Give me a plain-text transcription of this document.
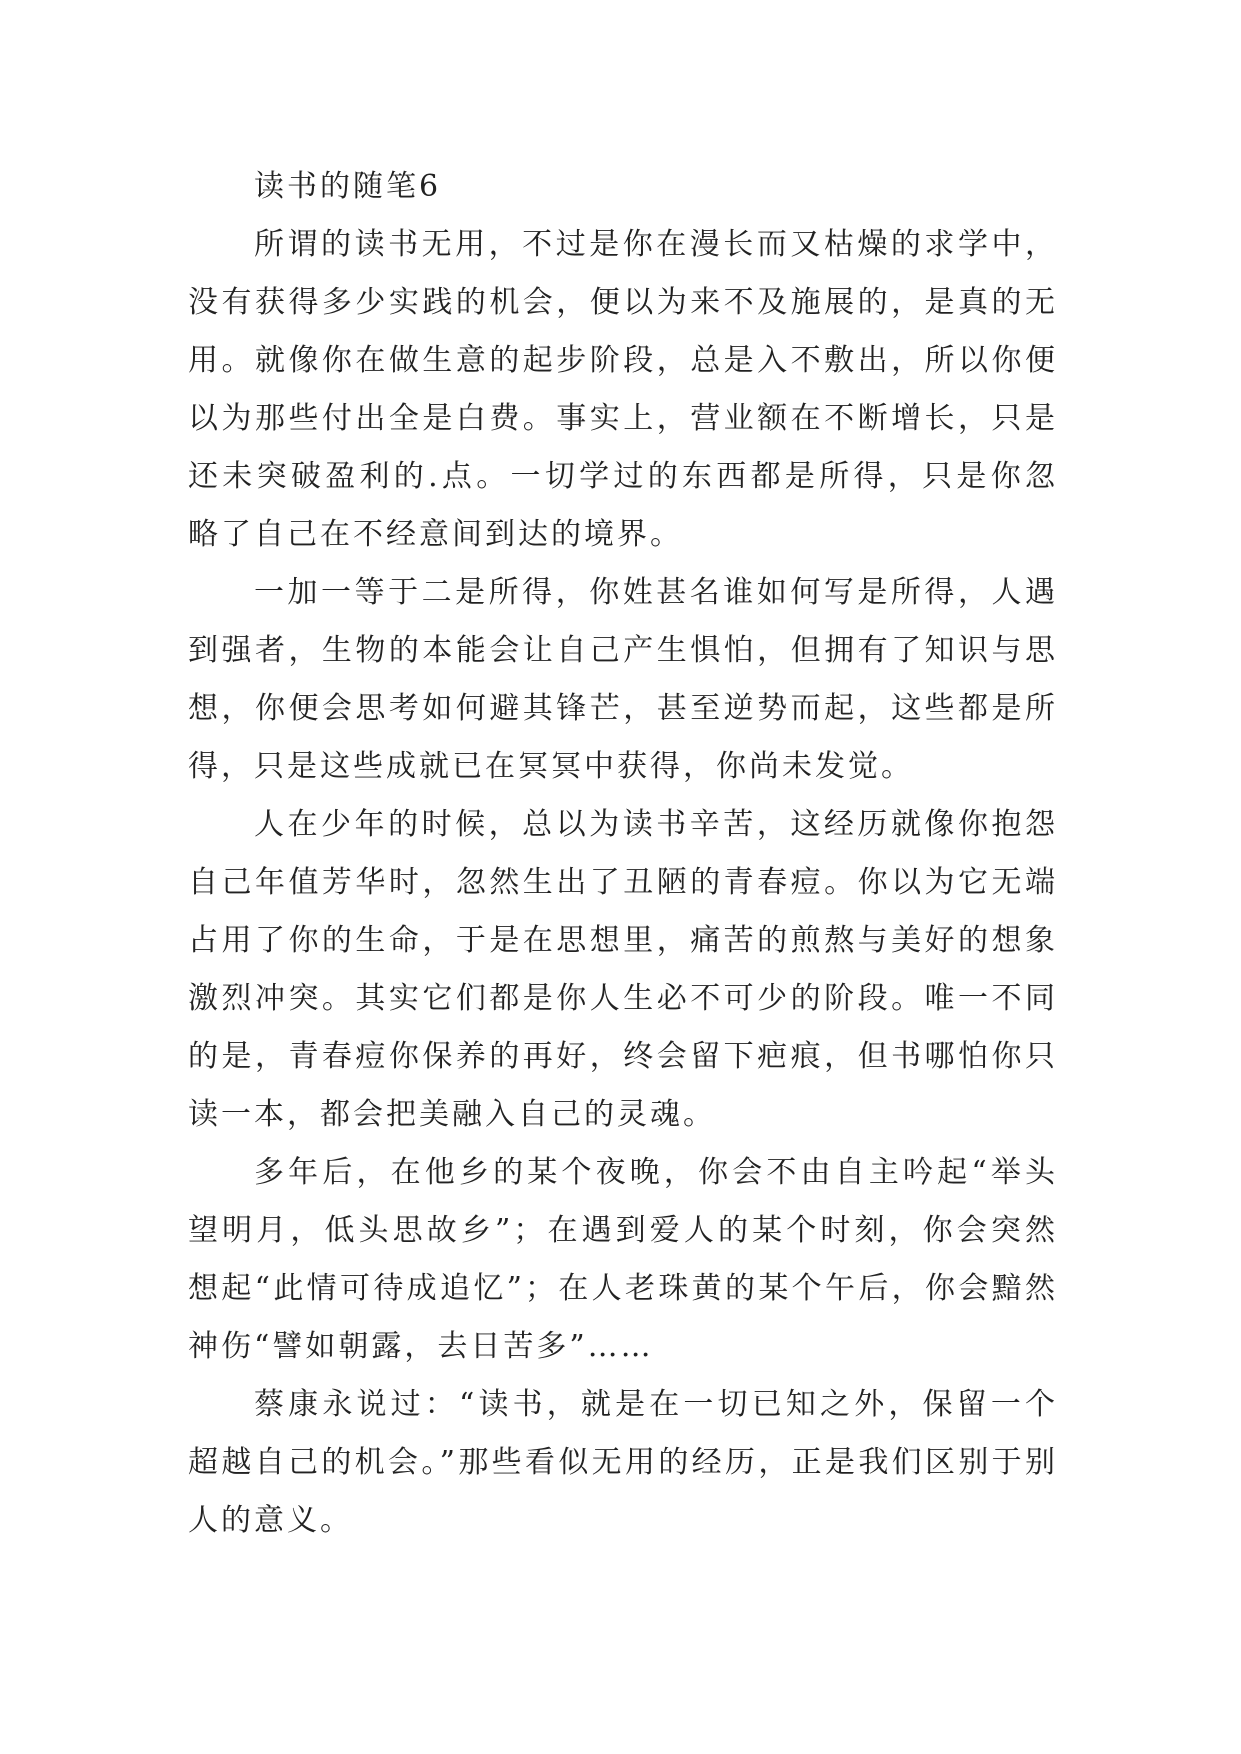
读书的随笔6

所谓的读书无用，不过是你在漫长而又枯燥的求学中，没有获得多少实践的机会，便以为来不及施展的，是真的无用。就像你在做生意的起步阶段，总是入不敷出，所以你便以为那些付出全是白费。事实上，营业额在不断增长，只是还未突破盈利的.点。一切学过的东西都是所得，只是你忽略了自己在不经意间到达的境界。

一加一等于二是所得，你姓甚名谁如何写是所得，人遇到强者，生物的本能会让自己产生惧怕，但拥有了知识与思想，你便会思考如何避其锋芒，甚至逆势而起，这些都是所得，只是这些成就已在冥冥中获得，你尚未发觉。

人在少年的时候，总以为读书辛苦，这经历就像你抱怨自己年值芳华时，忽然生出了丑陋的青春痘。你以为它无端占用了你的生命，于是在思想里，痛苦的煎熬与美好的想象激烈冲突。其实它们都是你人生必不可少的阶段。唯一不同的是，青春痘你保养的再好，终会留下疤痕，但书哪怕你只读一本，都会把美融入自己的灵魂。

多年后，在他乡的某个夜晚，你会不由自主吟起“举头望明月，低头思故乡”；在遇到爱人的某个时刻，你会突然想起“此情可待成追忆”；在人老珠黄的某个午后，你会黯然神伤“譬如朝露，去日苦多”……

蔡康永说过：“读书，就是在一切已知之外，保留一个超越自己的机会。”那些看似无用的经历，正是我们区别于别人的意义。
